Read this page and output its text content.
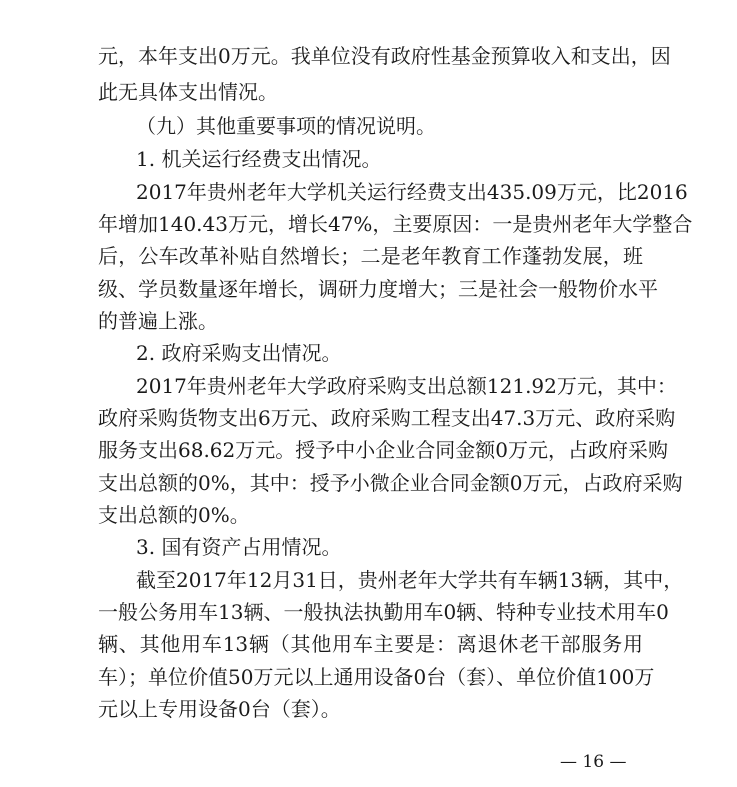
元，本年支出0万元。我单位没有政府性基金预算收入和支出，因
此无具体支出情况。
（九）其他重要事项的情况说明。
1. 机关运行经费支出情况。
2017年贵州老年大学机关运行经费支出435.09万元，比2016
年增加140.43万元，增长47%，主要原因：一是贵州老年大学整合
后，公车改革补贴自然增长；二是老年教育工作蓬勃发展，班
级、学员数量逐年增长，调研力度增大；三是社会一般物价水平
的普遍上涨。
2. 政府采购支出情况。
2017年贵州老年大学政府采购支出总额121.92万元，其中：
政府采购货物支出6万元、政府采购工程支出47.3万元、政府采购
服务支出68.62万元。授予中小企业合同金额0万元，占政府采购
支出总额的0%，其中：授予小微企业合同金额0万元，占政府采购
支出总额的0%。
3. 国有资产占用情况。
截至2017年12月31日，贵州老年大学共有车辆13辆，其中，
一般公务用车13辆、一般执法执勤用车0辆、特种专业技术用车0
辆、其他用车13辆（其他用车主要是：离退休老干部服务用
车）；单位价值50万元以上通用设备0台（套）、单位价值100万
元以上专用设备0台（套）。
— 16 —
